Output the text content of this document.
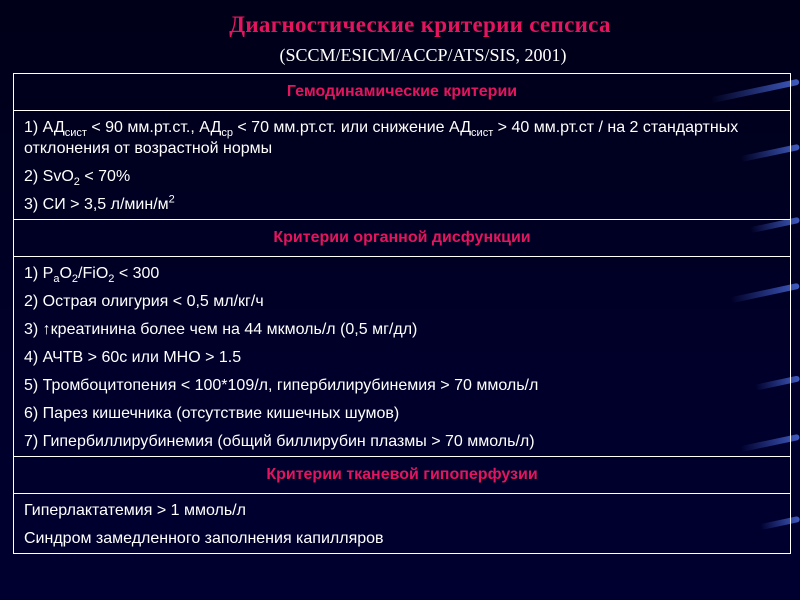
Диагностические критерии сепсиса
(SCCM/ESICM/ACCP/ATS/SIS, 2001)
Гемодинамические критерии
1) $АД_{сист} < 90$ мм.рт.ст., $АД_{ср} < 70$ мм.рт.ст. или снижение $АД_{сист} > 40$ мм.рт.ст / на 2 стандартных отклонения от возрастной нормы
2) SvO$_2$ < 70%
3) СИ > 3,5 $л/мин/м^2$
Критерии органной дисфункции
1) $P_aO_2/FiO_2 < 300$
2) Острая олигурия < 0,5 мл/кг/ч
3) ↑креатинина более чем на 44 мкмоль/л (0,5 мг/дл)
4) АЧТВ > 60с или МНО > 1.5
5) Тромбоцитопения < 100*109/л, гипербилирубинемия > 70 ммоль/л
6) Парез кишечника (отсутствие кишечных шумов)
7) Гипербиллирубинемия (общий биллирубин плазмы > 70 ммоль/л)
Критерии тканевой гипоперфузии
Гиперлактатемия > 1 ммоль/л
Синдром замедленного заполнения капилляров
